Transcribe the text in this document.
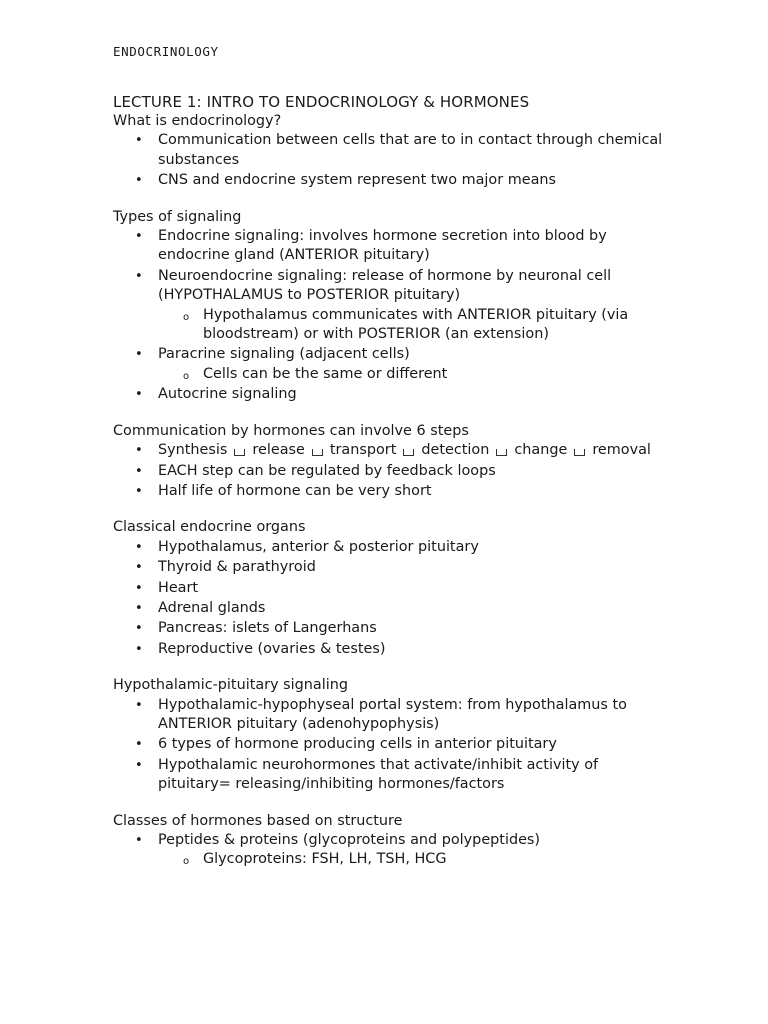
ENDOCRINOLOGY
LECTURE 1: INTRO TO ENDOCRINOLOGY & HORMONES
What is endocrinology?
• Communication between cells that are to in contact through chemical substances
• CNS and endocrine system represent two major means
Types of signaling
• Endocrine signaling: involves hormone secretion into blood by endocrine gland (ANTERIOR pituitary)
• Neuroendocrine signaling: release of hormone by neuronal cell (HYPOTHALAMUS to POSTERIOR pituitary)
o Hypothalamus communicates with ANTERIOR pituitary (via bloodstream) or with POSTERIOR (an extension)
• Paracrine signaling (adjacent cells)
o Cells can be the same or different
• Autocrine signaling
Communication by hormones can involve 6 steps
• Synthesis release transport detection change removal
• EACH step can be regulated by feedback loops
• Half life of hormone can be very short
Classical endocrine organs
• Hypothalamus, anterior & posterior pituitary
• Thyroid & parathyroid
• Heart
• Adrenal glands
• Pancreas: islets of Langerhans
• Reproductive (ovaries & testes)
Hypothalamic-pituitary signaling
• Hypothalamic-hypophyseal portal system: from hypothalamus to ANTERIOR pituitary (adenohypophysis)
• 6 types of hormone producing cells in anterior pituitary
• Hypothalamic neurohormones that activate/inhibit activity of pituitary= releasing/inhibiting hormones/factors
Classes of hormones based on structure
• Peptides & proteins (glycoproteins and polypeptides)
o Glycoproteins: FSH, LH, TSH, HCG
